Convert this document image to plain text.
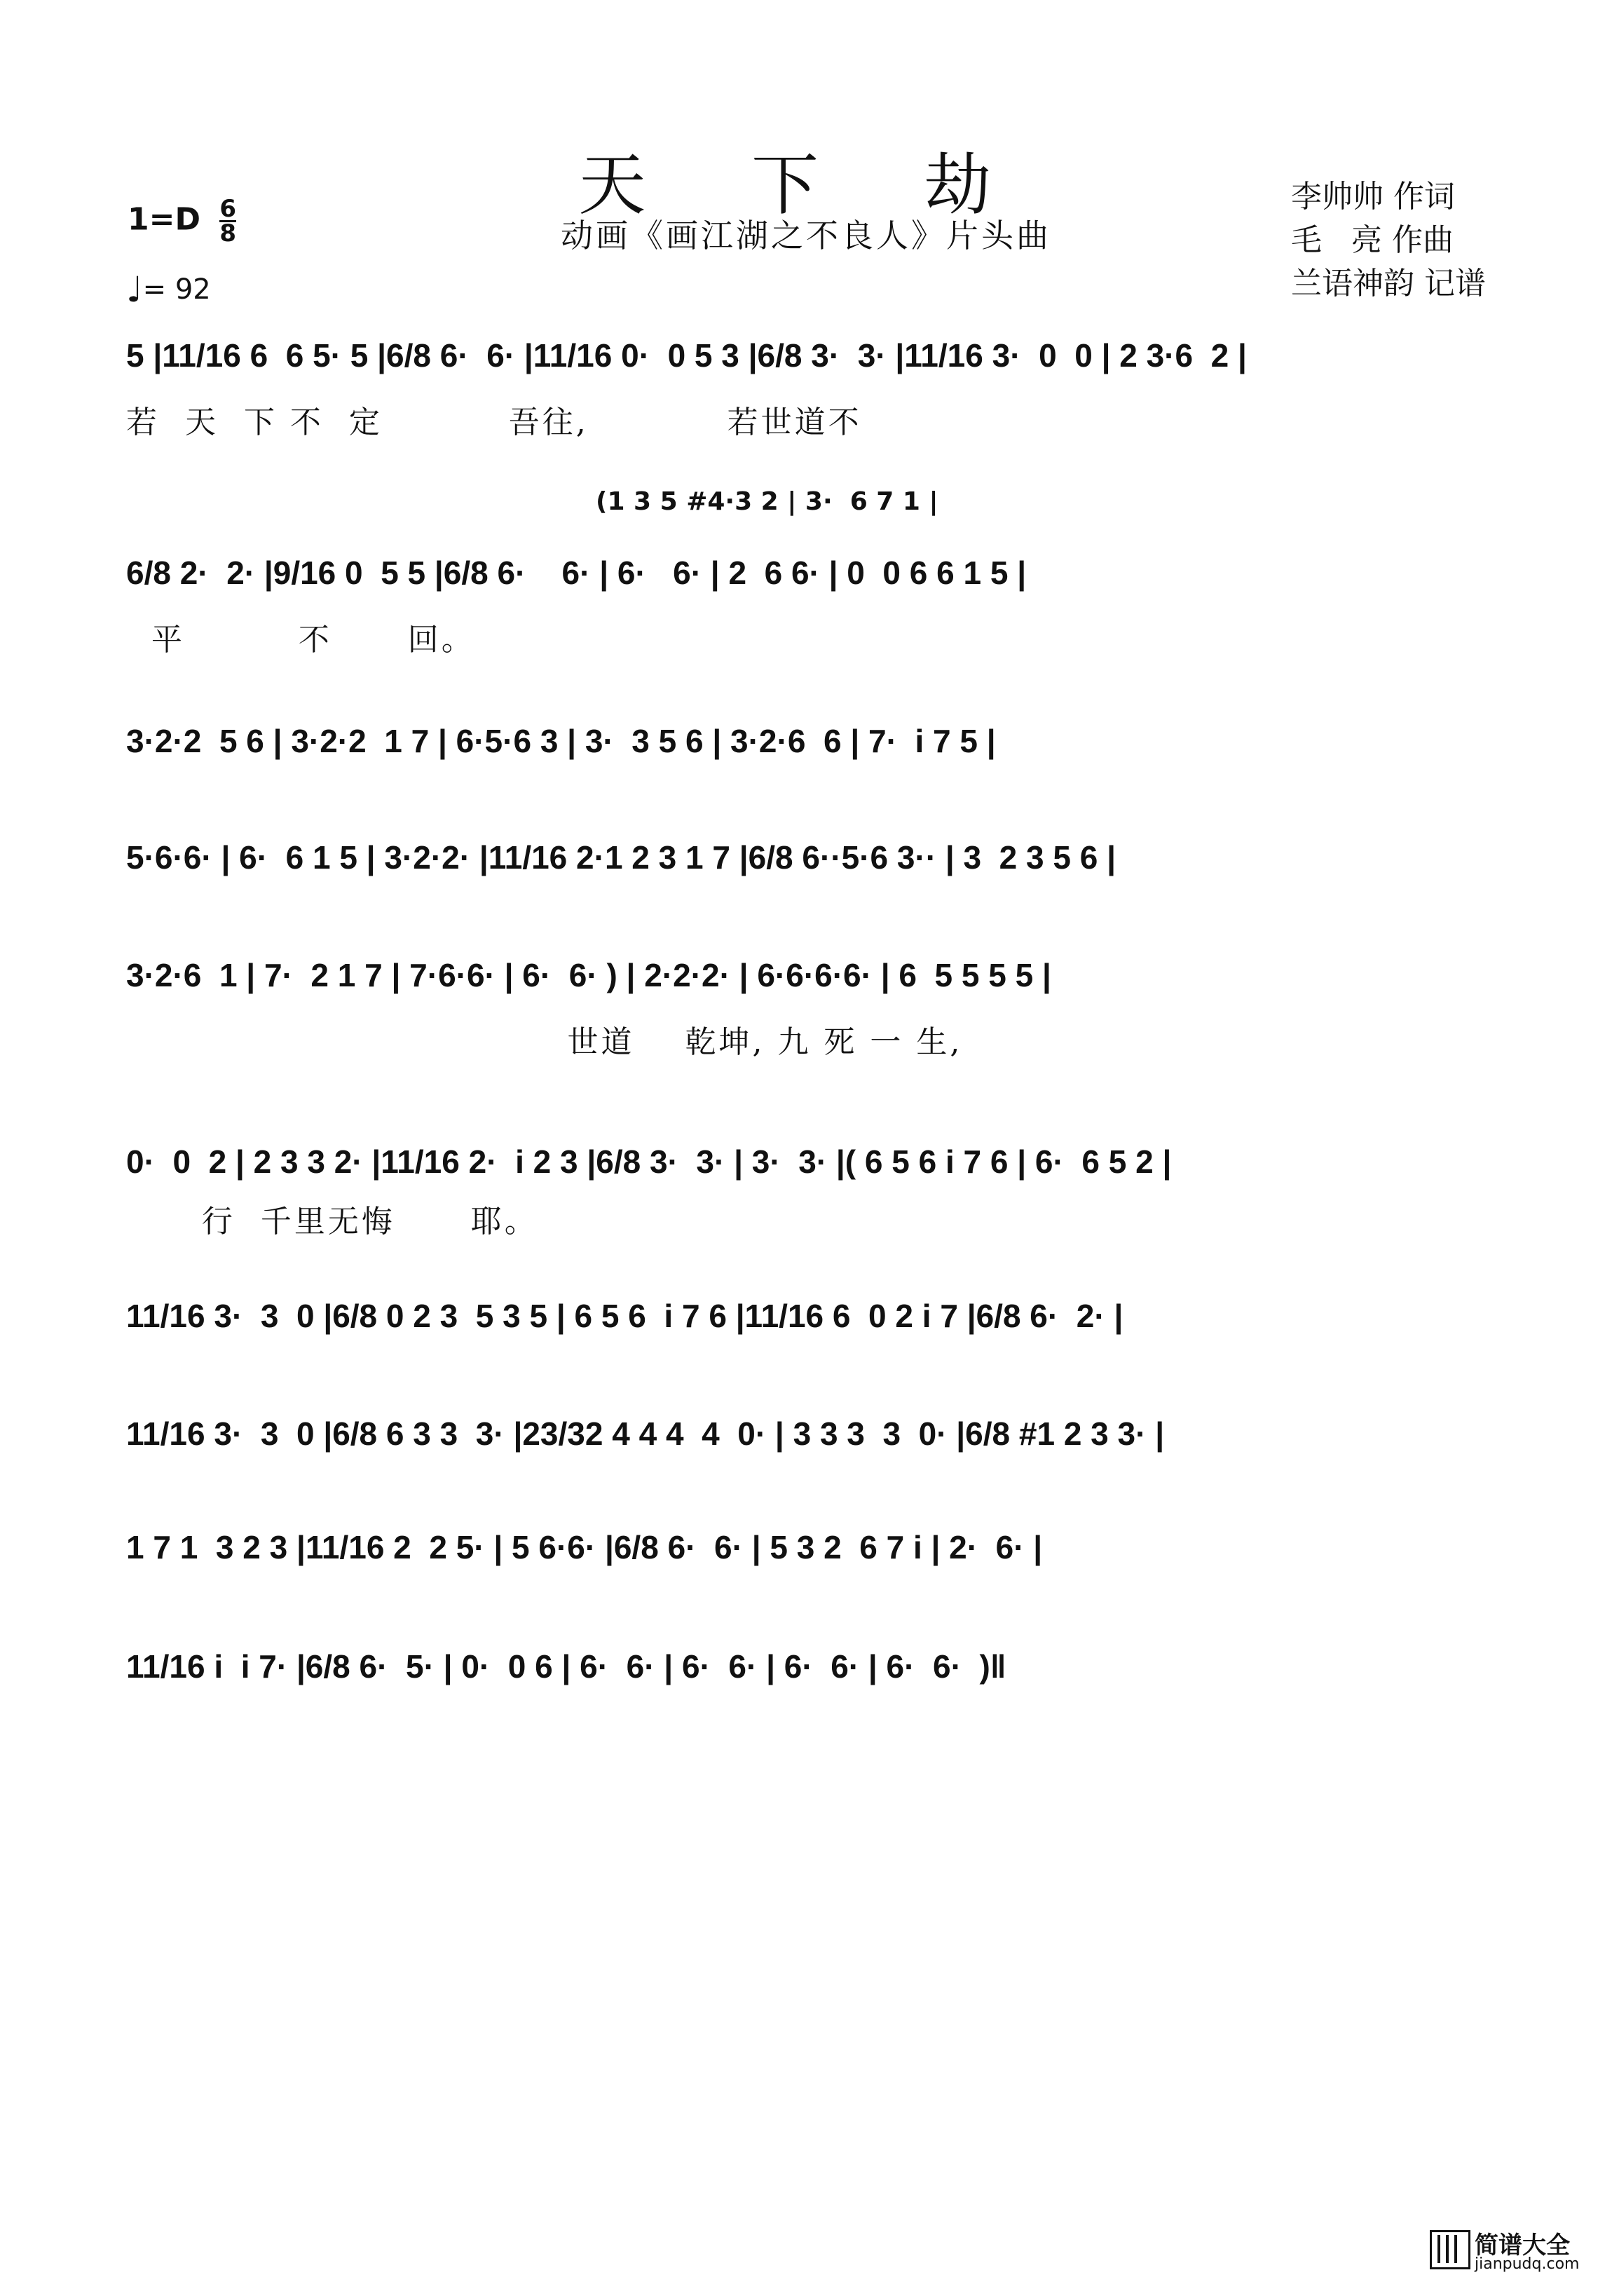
天 下 劫
动画《画江湖之不良人》片头曲
李帅帅 作词
毛   亮 作曲
兰语神韵 记谱
$1=D \frac{6}{8}$
♩= 92
5 |11/16 6  6 5· 5 |6/8 6·  6· |11/16 0·  0 5 3 |6/8 3·  3· |11/16 3·  0  0 | 2 3·6  2 |
若  天  下 不  定          吾往,           若世道不
(1 3 5 #4·3 2 | 3·  6 7 1 |
6/8 2·  2· |9/16 0  5 5 |6/8 6·    6· | 6·   6· | 2  6 6· | 0  0 6 6 1 5 |
平         不      回。
3·2·2  5 6 | 3·2·2  1 7 | 6·5·6 3 | 3·  3 5 6 | 3·2·6  6 | 7·  i 7 5 |
5·6·6· | 6·  6 1 5 | 3·2·2· |11/16 2·1 2 3 1 7 |6/8 6··5·6 3·· | 3  2 3 5 6 |
3·2·6  1 | 7·  2 1 7 | 7·6·6· | 6·  6· ) | 2·2·2· | 6·6·6·6· | 6  5 5 5 5 |
世道    乾坤, 九 死 一 生,
0·  0  2 | 2 3 3 2· |11/16 2·  i 2 3 |6/8 3·  3· | 3·  3· |( 6 5 6 i 7 6 | 6·  6 5 2 |
行  千里无悔      耶。
11/16 3·  3  0 |6/8 0 2 3  5 3 5 | 6 5 6  i 7 6 |11/16 6  0 2 i 7 |6/8 6·  2· |
11/16 3·  3  0 |6/8 6 3 3  3· |23/32 4 4 4  4  0· | 3 3 3  3  0· |6/8 #1 2 3 3· |
1 7 1  3 2 3 |11/16 2  2 5· | 5 6·6· |6/8 6·  6· | 5 3 2  6 7 i | 2·  6· |
11/16 i  i 7· |6/8 6·  5· | 0·  0 6 | 6·  6· | 6·  6· | 6·  6· | 6·  6·  )‖
简谱大全
jianpudq.com
